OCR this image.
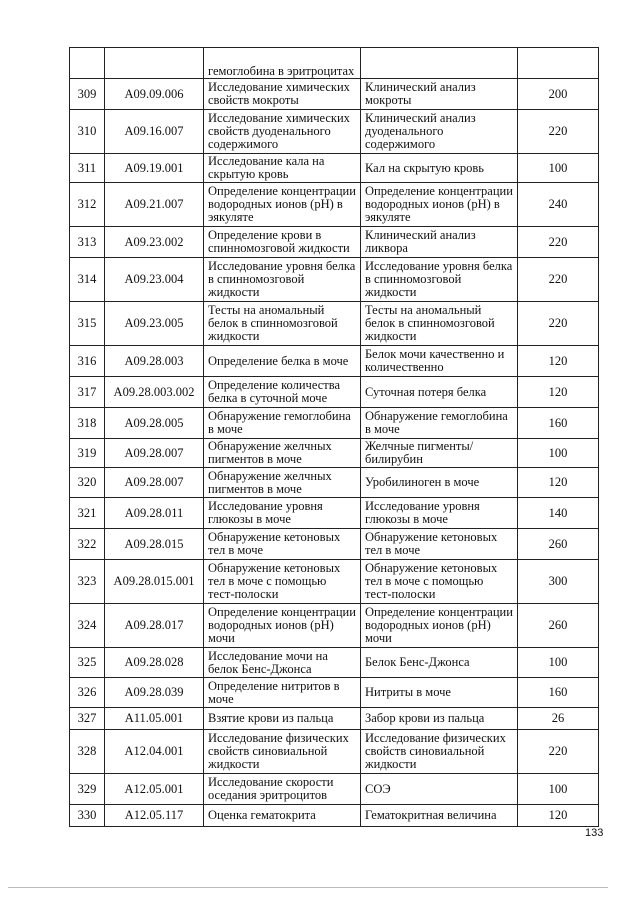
		гемоглобина в эритроцитах		
309	A09.09.006	Исследование химических свойств мокроты	Клинический анализ мокроты	200
310	A09.16.007	Исследование химических свойств дуоденального содержимого	Клинический анализ дуоденального содержимого	220
311	A09.19.001	Исследование кала на скрытую кровь	Кал на скрытую кровь	100
312	A09.21.007	Определение концентрации водородных ионов (pH) в эякуляте	Определение концентрации водородных ионов (pH) в эякуляте	240
313	A09.23.002	Определение крови в спинномозговой жидкости	Клинический анализ ликвора	220
314	A09.23.004	Исследование уровня белка в спинномозговой жидкости	Исследование уровня белка в спинномозговой жидкости	220
315	A09.23.005	Тесты на аномальный белок в спинномозговой жидкости	Тесты на аномальный белок в спинномозговой жидкости	220
316	A09.28.003	Определение белка в моче	Белок мочи качественно и количественно	120
317	A09.28.003.002	Определение количества белка в суточной моче	Суточная потеря белка	120
318	A09.28.005	Обнаружение гемоглобина в моче	Обнаружение гемоглобина в моче	160
319	A09.28.007	Обнаружение желчных пигментов в моче	Желчные пигменты/билирубин	100
320	A09.28.007	Обнаружение желчных пигментов в моче	Уробилиноген в моче	120
321	A09.28.011	Исследование уровня глюкозы в моче	Исследование уровня глюкозы в моче	140
322	A09.28.015	Обнаружение кетоновых тел в моче	Обнаружение кетоновых тел в моче	260
323	A09.28.015.001	Обнаружение кетоновых тел в моче с помощью тест-полоски	Обнаружение кетоновых тел в моче с помощью тест-полоски	300
324	A09.28.017	Определение концентрации водородных ионов (pH) мочи	Определение концентрации водородных ионов (pH) мочи	260
325	A09.28.028	Исследование мочи на белок Бенс-Джонса	Белок Бенс-Джонса	100
326	A09.28.039	Определение нитритов в моче	Нитриты в моче	160
327	A11.05.001	Взятие крови из пальца	Забор крови из пальца	26
328	A12.04.001	Исследование физических свойств синовиальной жидкости	Исследование физических свойств синовиальной жидкости	220
329	A12.05.001	Исследование скорости оседания эритроцитов	СОЭ	100
330	A12.05.117	Оценка гематокрита	Гематокритная величина	120
133
